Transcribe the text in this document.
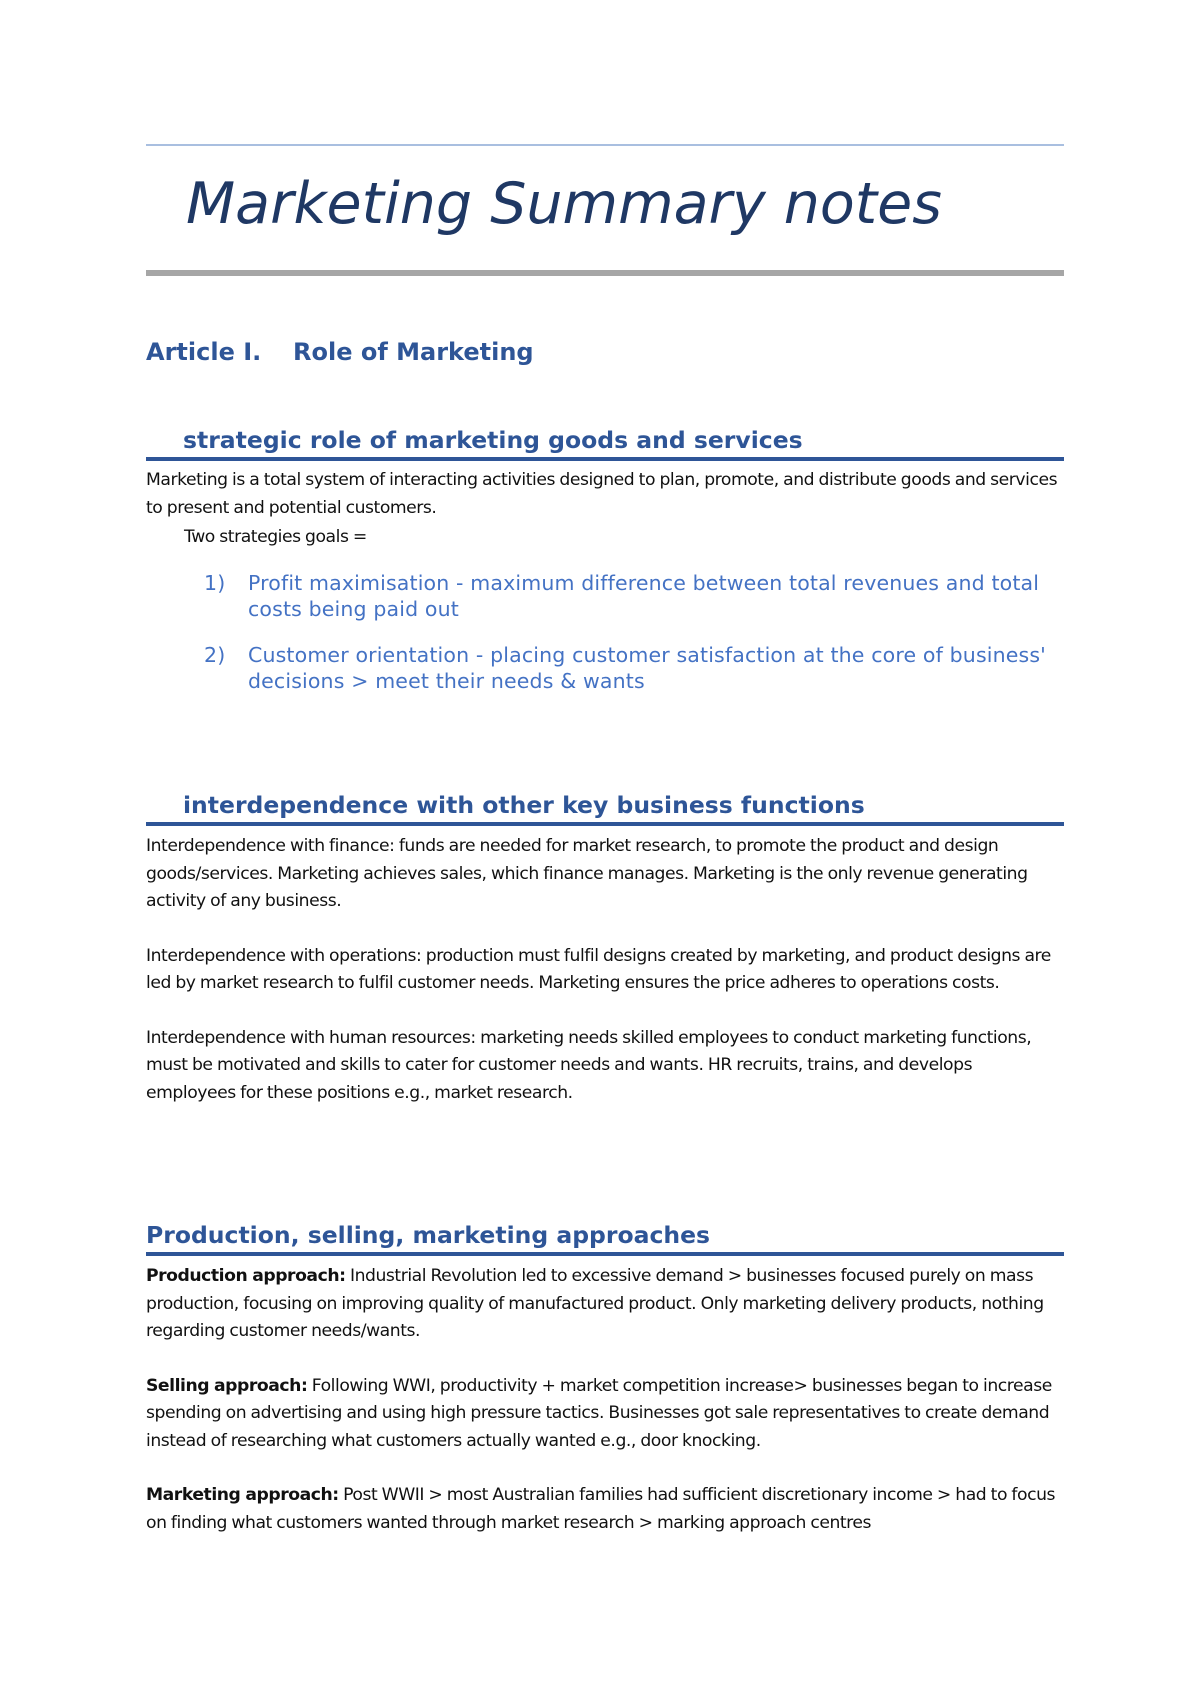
Marketing Summary notes
Article I. Role of Marketing
strategic role of marketing goods and services

Marketing is a total system of interacting activities designed to plan, promote, and distribute goods and services to present and potential customers.

Two strategies goals =

1) Profit maximisation - maximum difference between total revenues and total costs being paid out
2) Customer orientation - placing customer satisfaction at the core of business' decisions > meet their needs & wants
interdependence with other key business functions

Interdependence with finance: funds are needed for market research, to promote the product and design goods/services. Marketing achieves sales, which finance manages. Marketing is the only revenue generating activity of any business.

Interdependence with operations: production must fulfil designs created by marketing, and product designs are led by market research to fulfil customer needs. Marketing ensures the price adheres to operations costs.

Interdependence with human resources: marketing needs skilled employees to conduct marketing functions, must be motivated and skills to cater for customer needs and wants. HR recruits, trains, and develops employees for these positions e.g., market research.

Production, selling, marketing approaches

Production approach: Industrial Revolution led to excessive demand > businesses focused purely on mass production, focusing on improving quality of manufactured product. Only marketing delivery products, nothing regarding customer needs/wants.

Selling approach: Following WWI, productivity + market competition increase> businesses began to increase spending on advertising and using high pressure tactics. Businesses got sale representatives to create demand instead of researching what customers actually wanted e.g., door knocking.

Marketing approach: Post WWII > most Australian families had sufficient discretionary income > had to focus on finding what customers wanted through market research > marking approach centres
